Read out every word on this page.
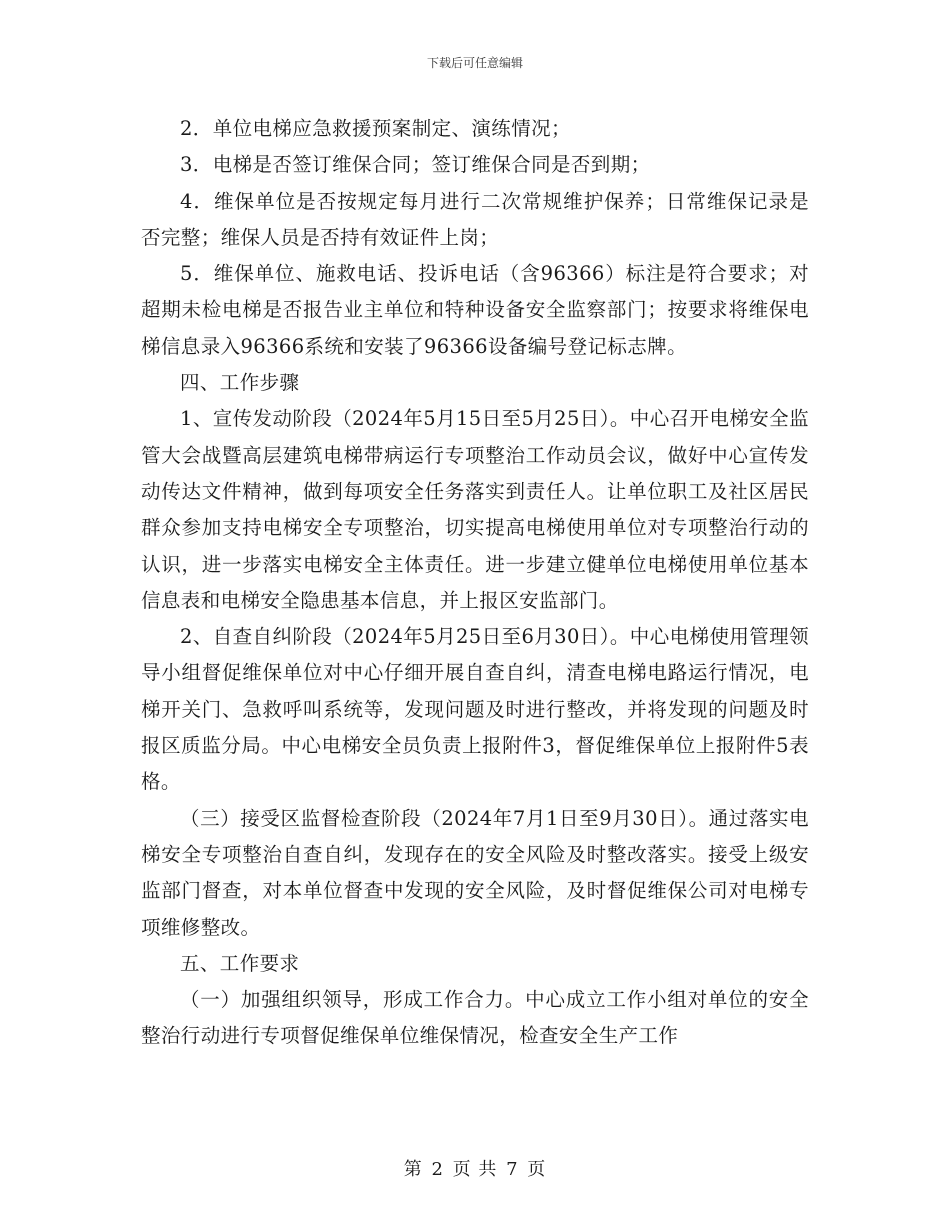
下载后可任意编辑

2．单位电梯应急救援预案制定、演练情况；

3．电梯是否签订维保合同；签订维保合同是否到期；

4．维保单位是否按规定每月进行二次常规维护保养；日常维保记录是否完整；维保人员是否持有效证件上岗；

5．维保单位、施救电话、投诉电话（含96366）标注是符合要求；对超期未检电梯是否报告业主单位和特种设备安全监察部门；按要求将维保电梯信息录入96366系统和安装了96366设备编号登记标志牌。

四、工作步骤

1、宣传发动阶段（2024年5月15日至5月25日）。中心召开电梯安全监管大会战暨高层建筑电梯带病运行专项整治工作动员会议，做好中心宣传发动传达文件精神，做到每项安全任务落实到责任人。让单位职工及社区居民群众参加支持电梯安全专项整治，切实提高电梯使用单位对专项整治行动的认识，进一步落实电梯安全主体责任。进一步建立健单位电梯使用单位基本信息表和电梯安全隐患基本信息，并上报区安监部门。

2、自查自纠阶段（2024年5月25日至6月30日）。中心电梯使用管理领导小组督促维保单位对中心仔细开展自查自纠，清查电梯电路运行情况，电梯开关门、急救呼叫系统等，发现问题及时进行整改，并将发现的问题及时报区质监分局。中心电梯安全员负责上报附件3，督促维保单位上报附件5表格。

（三）接受区监督检查阶段（2024年7月1日至9月30日）。通过落实电梯安全专项整治自查自纠，发现存在的安全风险及时整改落实。接受上级安监部门督查，对本单位督查中发现的安全风险，及时督促维保公司对电梯专项维修整改。

五、工作要求

（一）加强组织领导，形成工作合力。中心成立工作小组对单位的安全整治行动进行专项督促维保单位维保情况，检查安全生产工作

第 2 页 共 7 页
